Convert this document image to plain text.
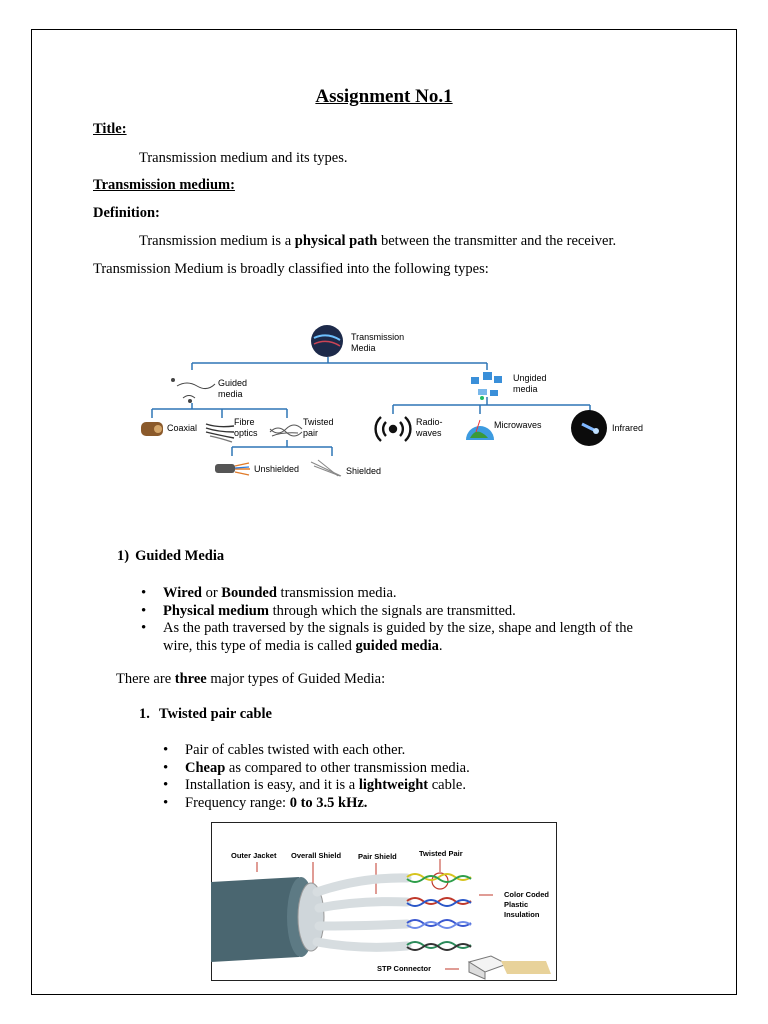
Assignment No.1
Title:
Transmission medium and its types.
Transmission medium:
Definition:
Transmission medium is a physical path between the transmitter and the receiver.
Transmission Medium is broadly classified into the following types:
Transmission
Media
Guided
media
Ungided
media
Coaxial
Fibre
optics
Twisted
pair
Radio-
waves
Microwaves	Infrared
Unshielded	Shielded
1) Guided Media
• Wired or Bounded transmission media.
• Physical medium through which the signals are transmitted.
• As the path traversed by the signals is guided by the size, shape and length of the
wire, this type of media is called guided media.
There are three major types of Guided Media:
1. Twisted pair cable
• Pair of cables twisted with each other.
• Cheap as compared to other transmission media.
• Installation is easy, and it is a lightweight cable.
• Frequency range: 0 to 3.5 kHz.
Outer Jacket Overall Shield Pair Shield	Twisted Pair
Color Coded
Plastic
Insulation
STP Connector
